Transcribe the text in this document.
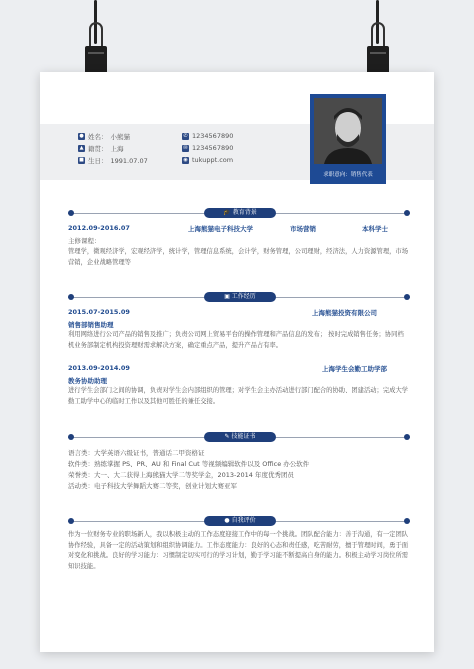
● 姓名： 小熊猫
▲ 籍贯： 上海
■ 生日： 1991.07.07
✆ 1234567890
✉ 1234567890
◉ tukuppt.com
求职意向：销售代表
🎓 教育背景
2012.09-2016.07	上海熊猫电子科技大学	市场营销	本科学士
主修课程：
管理学，微观经济学，宏观经济学，统计学，管理信息系统，会计学，财务管理，公司理财，经济法，人力资源管理，市场营销，企业战略管理等
▣ 工作经历
2015.07-2015.09	上海熊猫投资有限公司
销售部销售助理
利用网络进行公司产品的销售及推广；负责公司网上贸易平台的操作管理和产品信息的发布； 按时完成销售任务；协同档机业务部制定机构投资理财需求解决方案，确定重点产品，提升产品占有率。
2013.09-2014.09	上海学生会勤工助学部
教务协助助理
进行学生会部门之间的协调，负责对学生会内部组织的管理；对学生会主办活动进行部门配合的协助、团建活动；完成大学勤工助学中心的临时工作以及其他可胜任的兼任交接。
✎ 技能证书
语言类：大学英语六级证书，普通话二甲资格证
软件类：熟练掌握 PS、PR、AU 和 Final Cut 等视频编辑软件以及 Office 办公软件
荣誉类：大一、大二获得上海熊猫大学二等奖学金，2013-2014 年度优秀团员
活动类：电子科技大学舞蹈大赛二等奖，创业计划大赛亚军
● 自我评价
作为一位财务专业的职场新人，我以积极主动的工作态度迎接工作中的每一个挑战。团队配合能力：善于沟通，有一定团队协作经验，具备一定的活动策划和组织协调能力。工作态度能力：良好的心态和责任感，吃苦耐劳，擅于管理时间，勇于面对变化和挑战。良好的学习能力：习惯制定切实可行的学习计划，勤于学习能不断提高自身的能力。积极主动学习岗位所需知识技能。
